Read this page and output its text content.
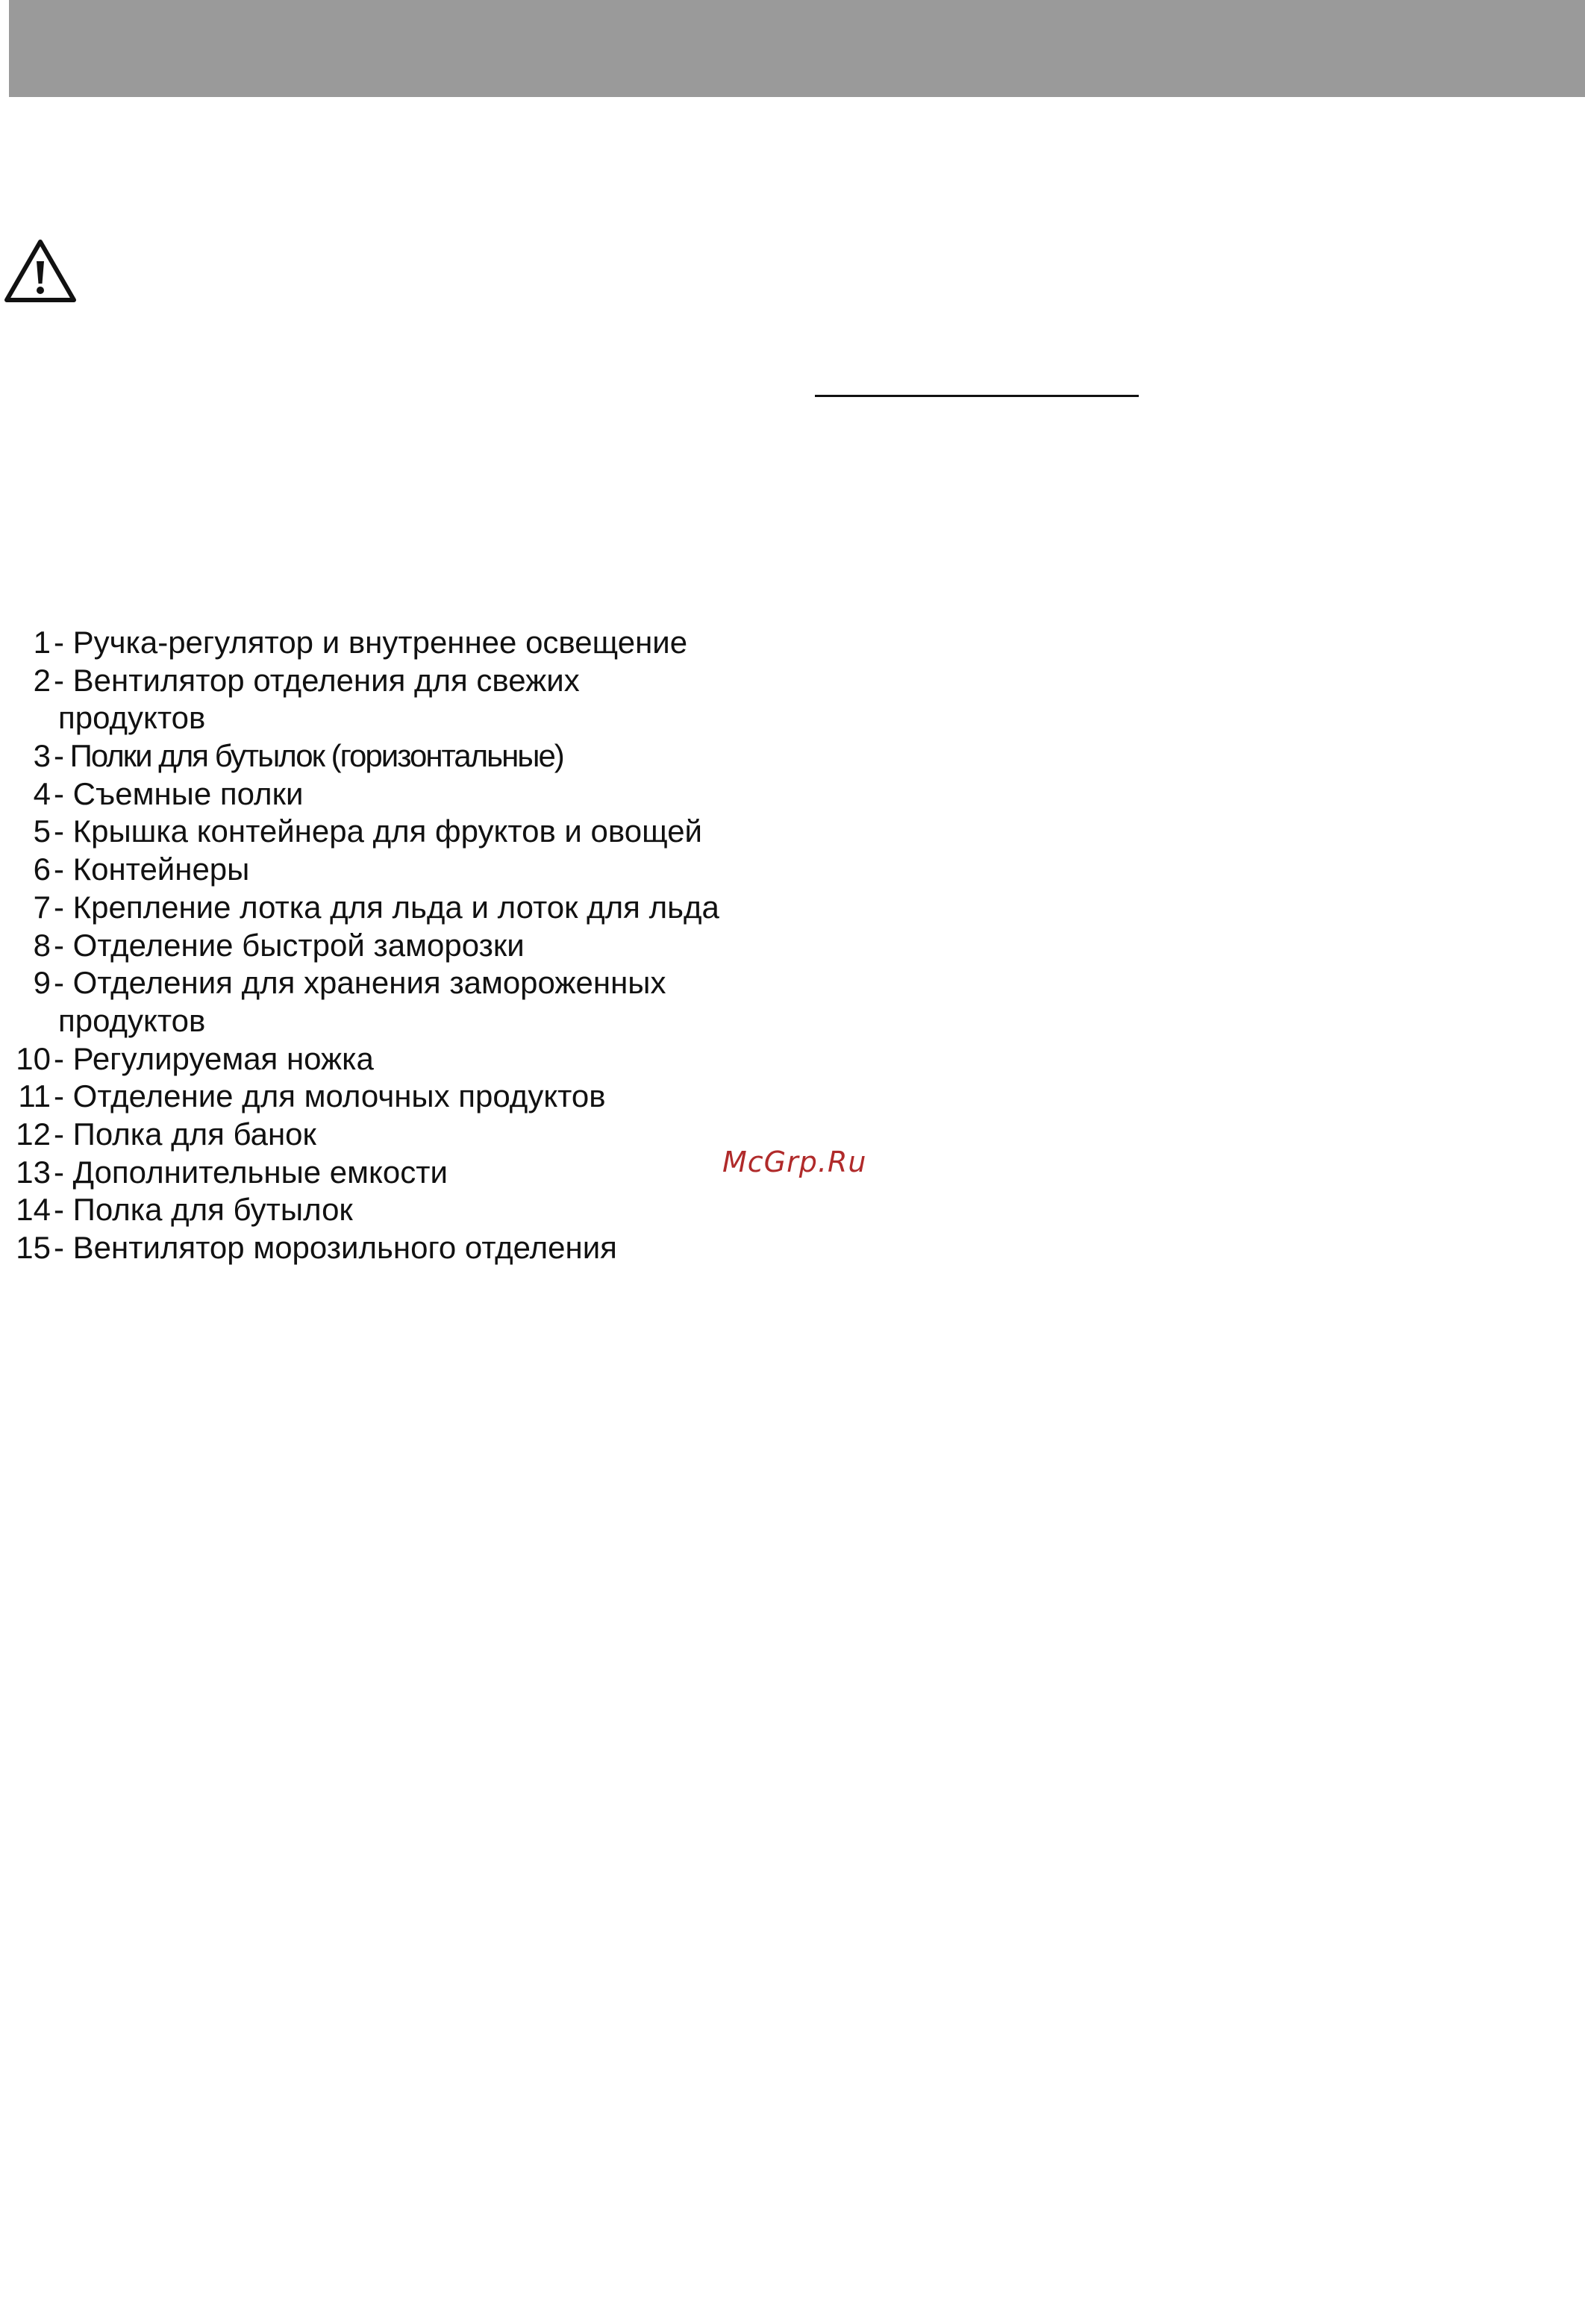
1 - Ручка-регулятор и внутреннее освещение
2 - Вентилятор отделения для свежих
продуктов
3 - Полки для бутылок (горизонтальные)
4 - Съемные полки
5 - Крышка контейнера для фруктов и овощей
6 - Контейнеры
7 - Крепление лотка для льда и лоток для льда
8 - Отделение быстрой заморозки
9 - Отделения для хранения замороженных
продуктов
10 - Регулируемая ножка
11 - Отделение для молочных продуктов
12 - Полка для банок
13 - Дополнительные емкости
14 - Полка для бутылок
15 - Вентилятор морозильного отделения
McGrp.Ru
